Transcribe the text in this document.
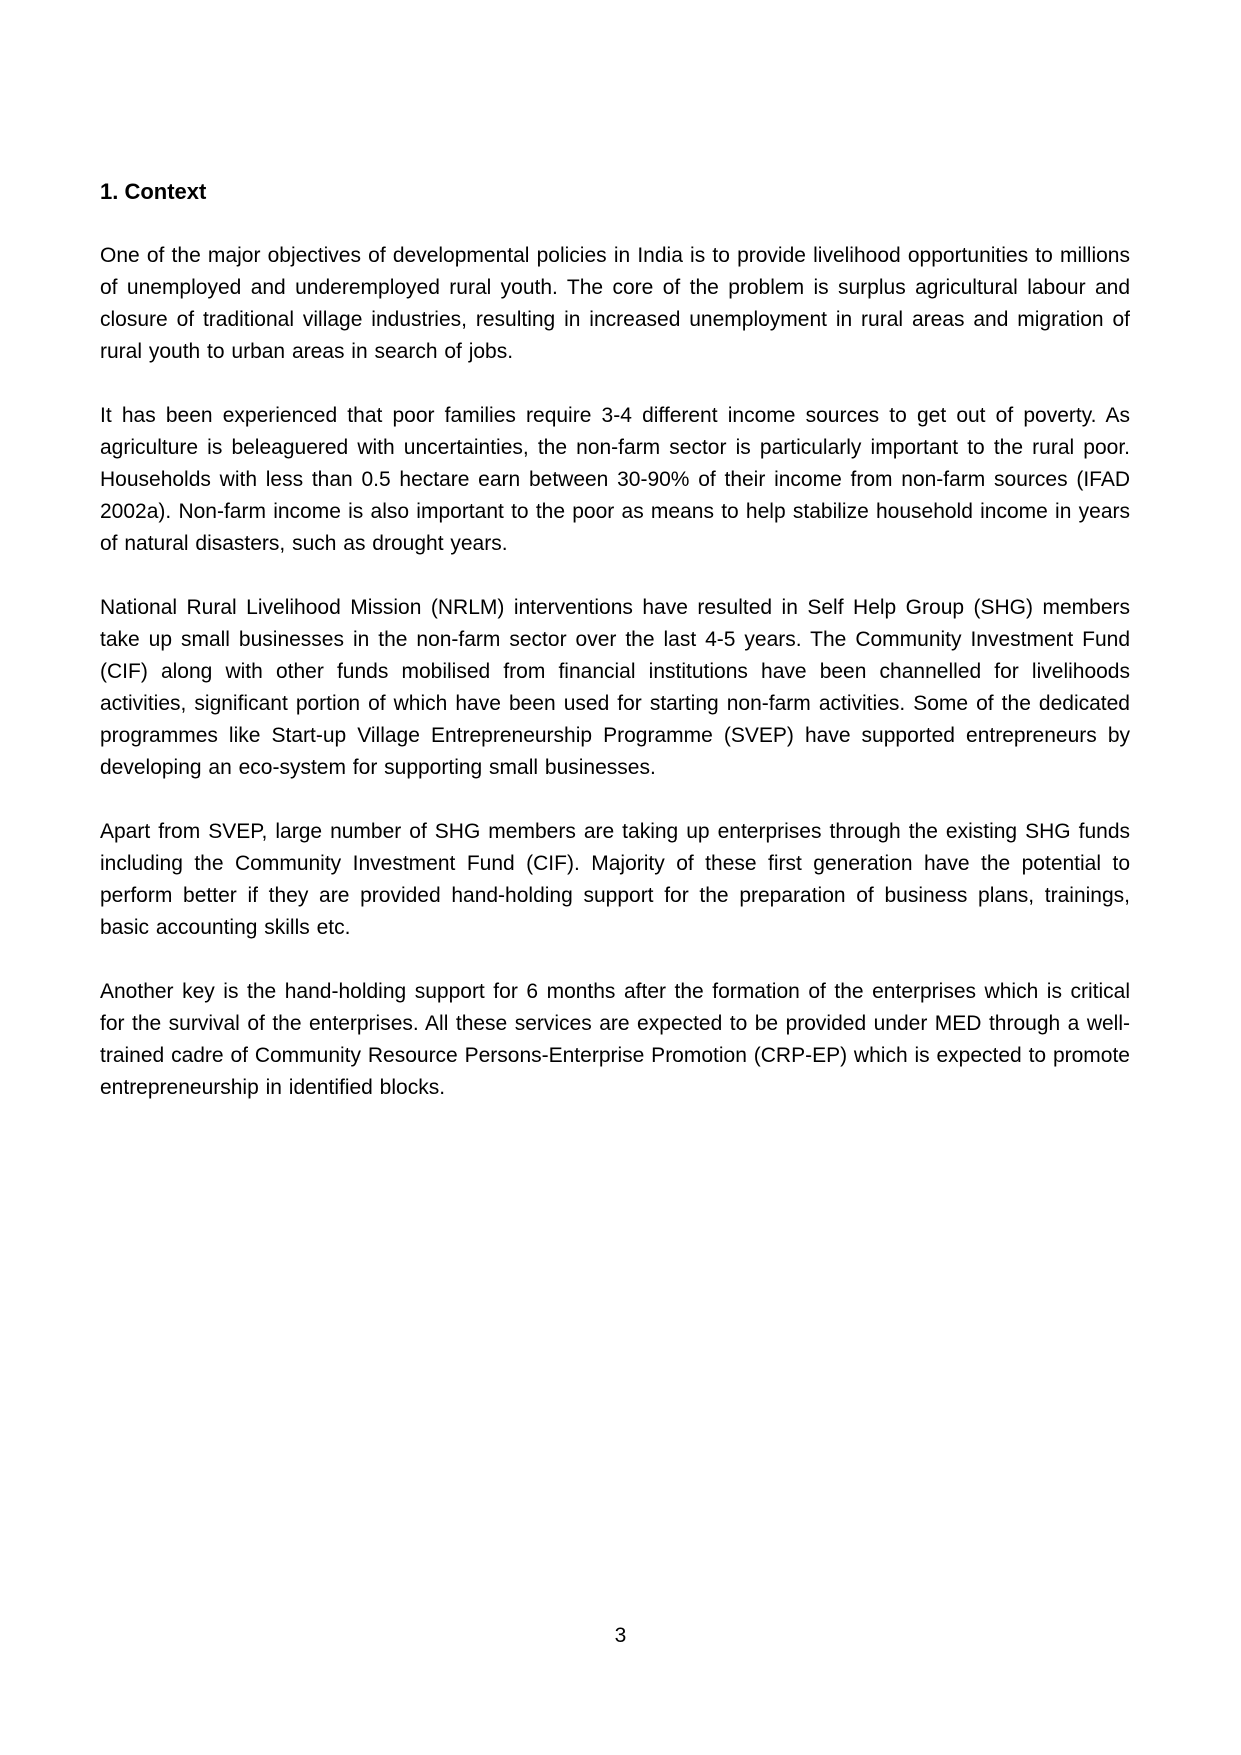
1. Context

One of the major objectives of developmental policies in India is to provide livelihood opportunities to millions of unemployed and underemployed rural youth. The core of the problem is surplus agricultural labour and closure of traditional village industries, resulting in increased unemployment in rural areas and migration of rural youth to urban areas in search of jobs.

It has been experienced that poor families require 3-4 different income sources to get out of poverty. As agriculture is beleaguered with uncertainties, the non-farm sector is particularly important to the rural poor. Households with less than 0.5 hectare earn between 30-90% of their income from non-farm sources (IFAD 2002a). Non-farm income is also important to the poor as means to help stabilize household income in years of natural disasters, such as drought years.

National Rural Livelihood Mission (NRLM) interventions have resulted in Self Help Group (SHG) members take up small businesses in the non-farm sector over the last 4-5 years. The Community Investment Fund (CIF) along with other funds mobilised from financial institutions have been channelled for livelihoods activities, significant portion of which have been used for starting non-farm activities. Some of the dedicated programmes like Start-up Village Entrepreneurship Programme (SVEP) have supported entrepreneurs by developing an eco-system for supporting small businesses.

Apart from SVEP, large number of SHG members are taking up enterprises through the existing SHG funds including the Community Investment Fund (CIF). Majority of these first generation have the potential to perform better if they are provided hand-holding support for the preparation of business plans, trainings, basic accounting skills etc.

Another key is the hand-holding support for 6 months after the formation of the enterprises which is critical for the survival of the enterprises. All these services are expected to be provided under MED through a well-trained cadre of Community Resource Persons-Enterprise Promotion (CRP-EP) which is expected to promote entrepreneurship in identified blocks.

3
